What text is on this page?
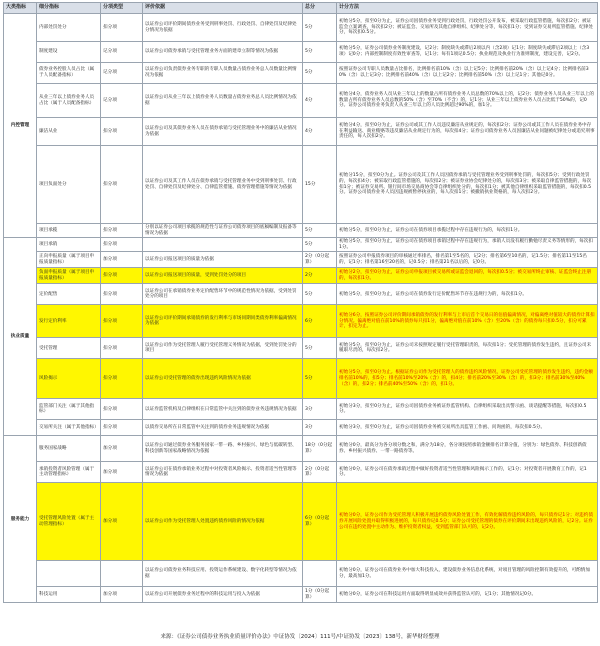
大类指标	细分指标	分项类型	评价依据	总分	计分方法
内控管理	内部处罚处分	扣分项	以证券公司评价期间债券业务受到刑事处罚、行政处罚、自律处罚及纪律处分情况为依据	5分	初始分5分，扣至0分为止，证券公司因债券业务受到行政处罚，行政处罚公开发布，被采取行政监管措施，每次扣2分；被证监会立案调查，每次扣2分；被证监会、交易所及其他自律组织、纪律处分等，每次扣1分；受到证券交易所监管措施、纪律处分，每次扣0.5分。
	制度建设	记分项	以证券公司债券承销与受托管理业务方面的建章立制等情况为依据	5分	初始分5分，证券公司债券业务制度建设，记2分；制度缺失或滞后2项以内（含2项）记1分；制度缺失或滞后2项以上（含3项）记0分；内部控制制度有效性审查等，记1分；每有1项记0.5分；执业规范及执业行为准则制度，建设完善，记2分。
	债券业务控股人员占比（属于人员配备指标）	记分项	以证券公司负责债券业务专职的专职人员数量占债券业务总人员数量比例情况为依据	5分	按照证券公司专职人员数量占比排名，比例排名前10%（含）以上记5分；比例排名前20%（含）以上记4分；比例排名前30%（含）以上记3分；比例排名前40%（含）以上记2分；比例排名前50%（含）以上记1分；其他记0分。
	从业三年以上债券业务人员占比（属于人员配备指标）	记分项	以证券公司从业三年以上债券业务人员数量占债券业务总人员比例情况为依据	4分	初始分4分，债券业务人员从业三年以上的数量占所有债券业务人员总数的70%以上的，记2分；债券业务人员从业三年以上的数量占所有债券业务人员总数的50%（含）至70%（不含）的，记1分；从业三年以上债券业务人员占比低于50%的，记0分。证券公司债券业务负责人从业三年以上的人员比例超过90%的，加1分。
	廉洁从业	扣分项	以证券公司及其债券业务人员在债券承销与受托管理业务中的廉洁从业情况为依据	4分	初始分4分，扣至0分为止，证券公司或其工作人员违反廉洁从业规定的，每次扣2分；证券公司或其工作人员在债券业务中存在利益输送、商业贿赂等违反廉洁从业规定行为的，每次扣4分；证券公司债券业务人员因廉洁从业问题被纪律处分或追究刑事责任的，每人次扣2分。
	项目负面处分	扣分项	以证券公司及其工作人员在债券承销与受托管理业务中受到刑事处罚、行政处罚、自律处罚及纪律处分、自律监管措施、债券管理措施等情况为依据	15分	初始分15分，扣至0分为止。证券公司及其工作人员因债券承销与受托管理业务受到刑事处罚的，每次扣5分；受到行政处罚的，每次扣4分；被采取行政监管措施的，每次扣2分；被证券业协会纪律处分的，每次扣3分；被采取自律监管措施的，每次扣1分；被证券交易所、银行间市场交易商协会等自律组织处分的，每次扣1分；被其他自律组织采取监管措施的，每次扣0.5分。证券公司债券业务人员因违规被暂停执业的，每人次扣1分；被撤销执业资格的，每人次扣2分。
	项目承揽	扣分项	分别以证券公司项目承揽的规范性与证券公司债券项目的底稿编制及报备等情况为依据	5分	初始分5分，扣至0分为止，证券公司在债券项目承揽过程中存在违规行为的，每次扣1分。
执业质量	项目承销	扣分项		5分	初始分5分，扣至0分为止，证券公司在债券项目承销过程中存在违规行为，承销人员没有履行勤勉尽责义务等情形的，每次扣1分。
	正向申报质量（属于项目申报质量指标）	加分项	以证券公司报送项目的质量为依据	2分（0分起算）	按照证券公司申报债券项目的审核通过率排名，排名第1至5名的，记2分；排名第6至10名的，记1.5分；排名第11至15名的，记1分；排名第16至20名的，记0.5分；排名第21名以后的，记0分。
	负面申报质量（属于项目申报质量指标）	扣分项	以证券公司报送项目的质量，受到处罚处分的项目	2分	初始分2分，扣至0分为止，证券公司申报项目被交易所或证监会退回的，每次扣0.5分；被交易所终止审核、证监会终止注册的，每次扣1分。
	定价配售	扣分项	以证券公司在承销债券业务定价配售环节中的规范性情况为依据，受到处罚处分的项目	5分	初始分5分，扣至0分为止，证券公司在债券发行定价配售环节存在违规行为的，每次扣1分。
	发行定价利率	扣分项	以证券公司评价期间承销债券的发行利率与市场同期同类债券利率偏离情况为依据	6分	初始分6分，按照证券公司评价期间承销债券的发行利率与上市后首个交易日的估值偏离情况，对偏离绝对值较大的债券计算扣分情况。偏离绝对值在前10%的债券每只扣1分，偏离绝对值在前10%（含）至20%（含）的债券每只扣0.5分，扣分可累计，扣完为止。
	受托管理	扣分项	以证券公司作为受托管理人履行受托管理义务情况为依据，受到处罚处分的项目	5分	初始分5分，扣至0分为止，证券公司未按照规定履行受托管理职责的，每次扣1分；受托管理的债券发生违约，且证券公司未履职尽责的，每次扣2分。
	风险揭示	扣分项	以证券公司受托管理的债券出现违约风险情况为依据	5分	初始分5分，扣至0分为止。根据证券公司作为受托管理人的债券违约风险情况，证券公司受托管理的债券发生违约，违约金额排名前10%的，扣5分；排名前10%至20%（含）的，扣4分；排名前20%至30%（含）的，扣3分；排名前30%至40%（含）的，扣2分；排名前40%至50%（含）的，扣1分。
	监管部门关注（属于其他指标）	扣分项	以证券监管机构及自律组织在日常监管中关注到的债券业务违规情况为依据	3分	初始分3分，扣至0分为止，证券公司因债券业务被证券监管机构、自律组织采取出具警示函、谈话提醒等措施，每次扣0.5分。
	交易所关注（属于其他指标）	扣分项	以债券交易所在日常监管中关注到的债券业务违规情况为依据	3分	初始分3分，扣至0分为止，证券公司因债券业务被交易所出具监管工作函、问询函的，每次扣0.5分。
服务能力	服务国家战略	加分项	以证券公司通过债券业务服务国家一带一路、乡村振兴、绿色与低碳转型、科技创新等国家战略情况为依据	18分（0分起算）	初始分0分，最高分为各分项分数之和，满分为18分，各分项按照承销金额排名计算分值，分别为：绿色债券、科技创新债券、乡村振兴债券、一带一路债券等。
	承销投资者风险管理（属于主动管理指标）	加分项	以证券公司在债券承销业务过程中对投资者风险揭示、投资者适当性管理等情况为依据	2分（0分起算）	初始分0分，证券公司在债券承销过程中做好投资者适当性管理和风险揭示工作的，记1分；对投资者开展教育工作的，记1分。
	受托管理风险处置（属于主动管理指标）	加分项	以证券公司作为受托管理人处置违约债券风险的情况为依据	6分（0分起算）	初始分0分，证券公司作为受托管理人积极开展违约债券风险处置工作，有效化解债券违约风险的，每只债券记1分；对违约债券开展风险处置并取得积极进展的，每只债券记0.5分；证券公司受托管理的债券在评价期间未出现违约风险的，记2分。证券公司在违约处置中主动作为、维护投资者权益，受到监管部门认可的，记2分。
			以证券公司债券业务科技应用、投资运作系统建设、数字化转型等情况为依据		初始分0分，证券公司在债券业务中加大科技投入，建设债券业务信息化系统，对项目管理的风险控制有效提升的，可酌情加分，最高加1分。
	科技运用	加分项	以证券公司开展债券业务过程中的科技运用与投入为依据	1分（0分起算）	初始分0分，证券公司在科技运用方面取得明显成效并获得监管认可的，记1分；其他情况记0分。
来源：《证券公司债券业务执业质量评价办法》中证协发〔2024〕111号/中证协发〔2023〕138号，新华财经整理
